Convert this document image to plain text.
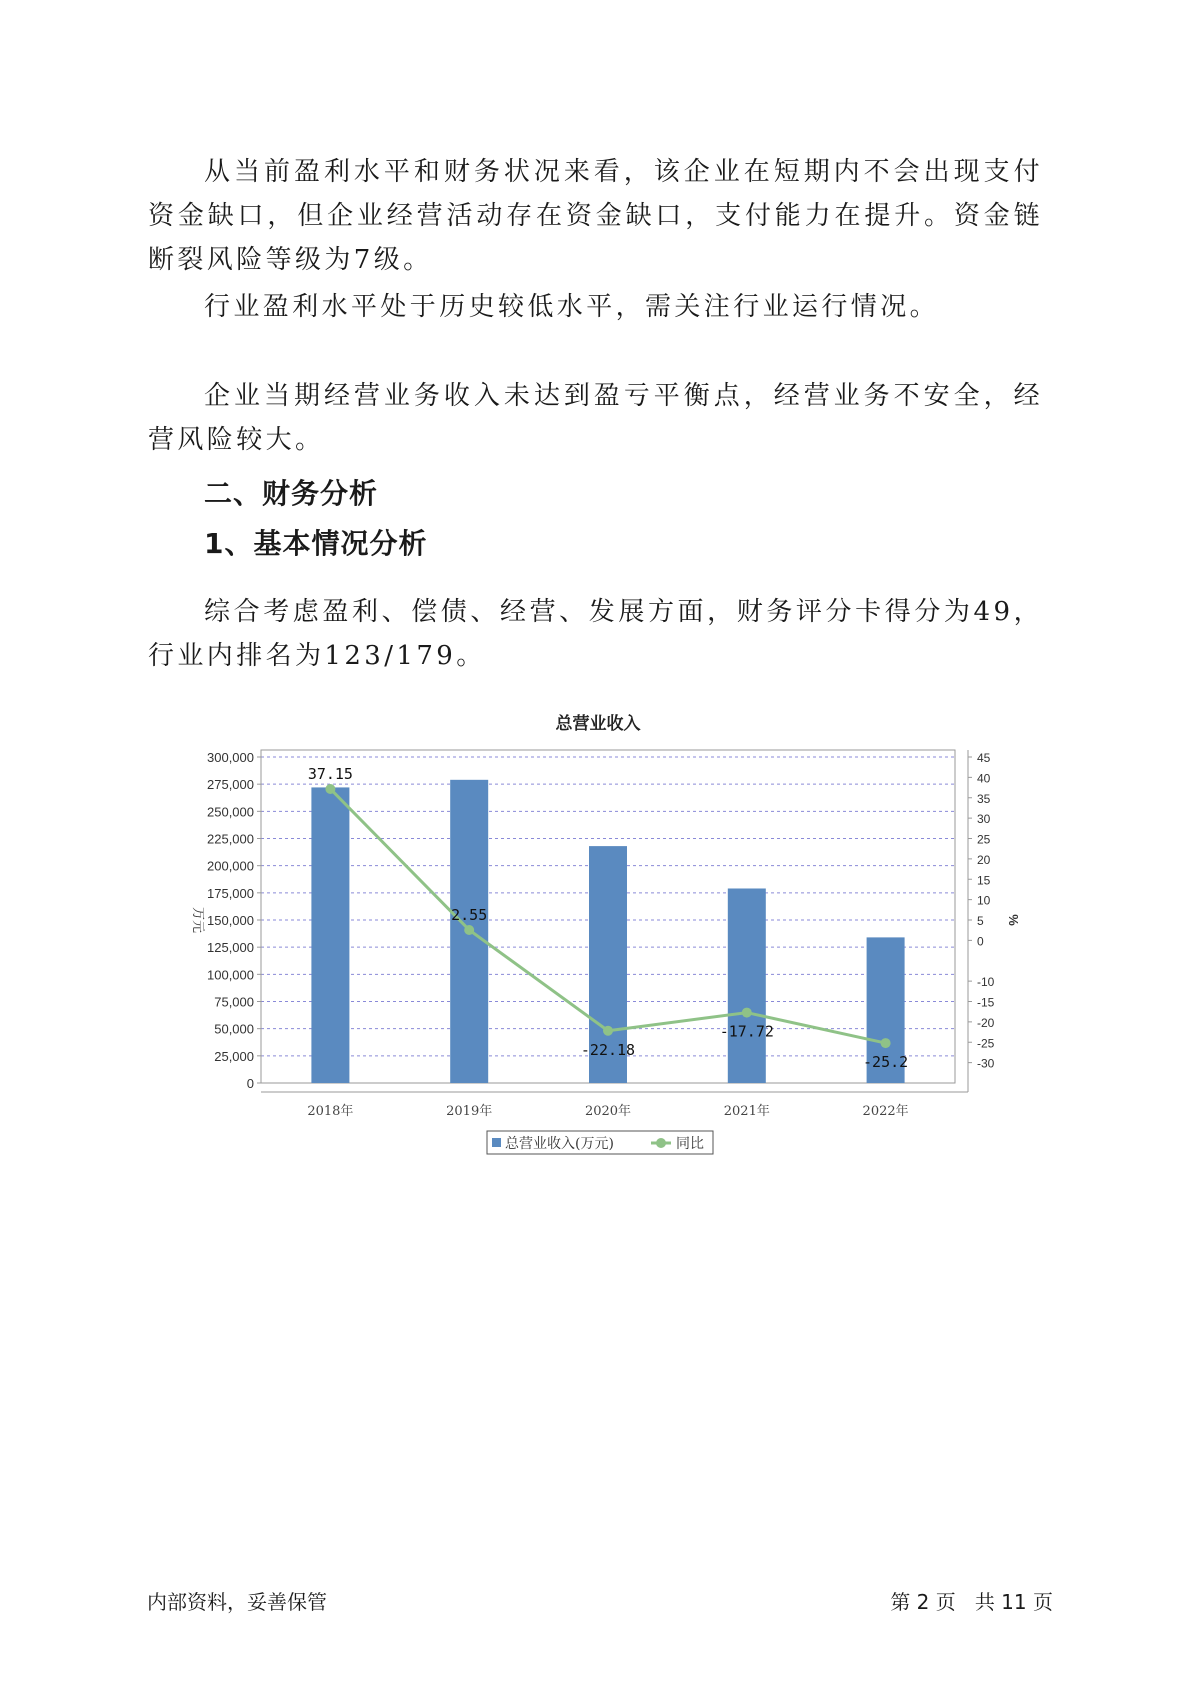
从当前盈利水平和财务状况来看，该企业在短期内不会出现支付资金缺口，但企业经营活动存在资金缺口，支付能力在提升。资金链断裂风险等级为7级。

行业盈利水平处于历史较低水平，需关注行业运行情况。

企业当期经营业务收入未达到盈亏平衡点，经营业务不安全，经营风险较大。

二、财务分析
1、基本情况分析

综合考虑盈利、偿债、经营、发展方面，财务评分卡得分为49，行业内排名为123/179。

总营业收入
0
25,000
50,000
75,000
100,000
125,000
150,000
175,000
200,000
225,000
250,000
275,000
300,000	45
40
35
30
25
20
15
10
5
0
-10
-15
-20
-25
-30
万元	%
2018年	2019年	2020年	2021年	2022年
37.15
2.55
-22.18
-17.72
-25.2
总营业收入(万元)	同比
内部资料，妥善保管	第 2 页   共 11 页
